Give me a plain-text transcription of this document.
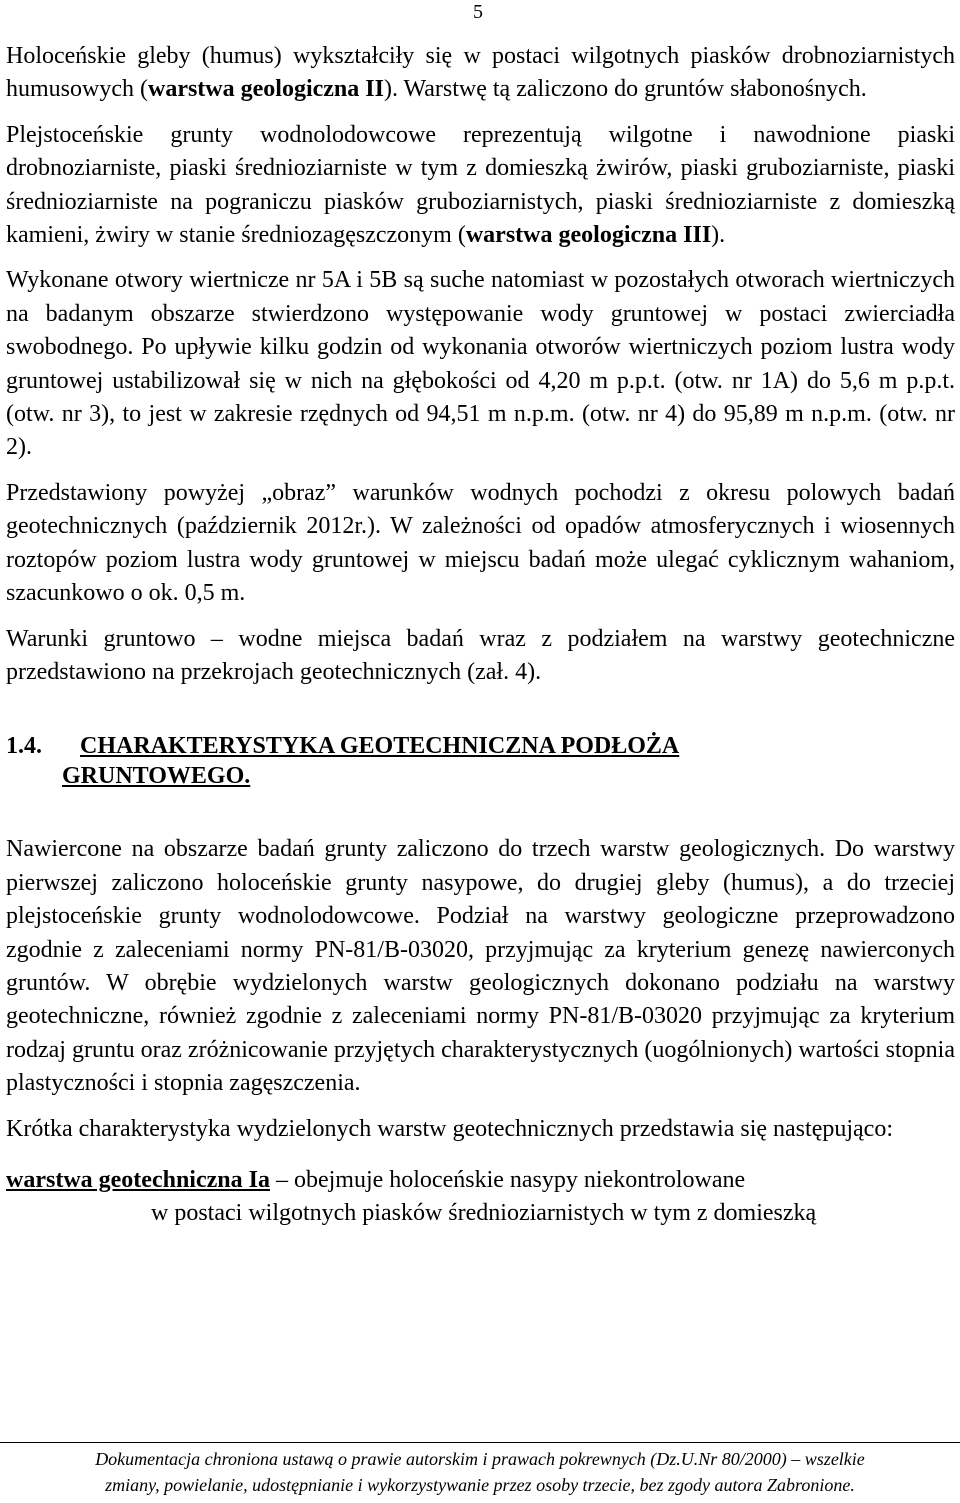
5

Holoceńskie gleby (humus) wykształciły się w postaci wilgotnych piasków drobnoziarnistych humusowych (warstwa geologiczna II). Warstwę tą zaliczono do gruntów słabonośnych.

Plejstoceńskie grunty wodnolodowcowe reprezentują wilgotne i nawodnione piaski drobnoziarniste, piaski średnioziarniste w tym z domieszką żwirów, piaski gruboziarniste, piaski średnioziarniste na pograniczu piasków gruboziarnistych, piaski średnioziarniste z domieszką kamieni, żwiry w stanie średniozagęszczonym (warstwa geologiczna III).

Wykonane otwory wiertnicze nr 5A i 5B są suche natomiast w pozostałych otworach wiertniczych na badanym obszarze stwierdzono występowanie wody gruntowej w postaci zwierciadła swobodnego. Po upływie kilku godzin od wykonania otworów wiertniczych poziom lustra wody gruntowej ustabilizował się w nich na głębokości od 4,20 m p.p.t. (otw. nr 1A) do 5,6 m p.p.t. (otw. nr 3), to jest w zakresie rzędnych od 94,51 m n.p.m. (otw. nr 4) do 95,89 m n.p.m. (otw. nr 2).

Przedstawiony powyżej „obraz” warunków wodnych pochodzi z okresu polowych badań geotechnicznych (październik 2012r.). W zależności od opadów atmosferycznych i wiosennych roztopów poziom lustra wody gruntowej w miejscu badań może ulegać cyklicznym wahaniom, szacunkowo o ok. 0,5 m.

Warunki gruntowo – wodne miejsca badań wraz z podziałem na warstwy geotechniczne przedstawiono na przekrojach geotechnicznych (zał. 4).

1.4.	CHARAKTERYSTYKA GEOTECHNICZNA PODŁOŻA
GRUNTOWEGO.

Nawiercone na obszarze badań grunty zaliczono do trzech warstw geologicznych. Do warstwy pierwszej zaliczono holoceńskie grunty nasypowe, do drugiej gleby (humus), a do trzeciej plejstoceńskie grunty wodnolodowcowe. Podział na warstwy geologiczne przeprowadzono zgodnie z zaleceniami normy PN-81/B-03020, przyjmując za kryterium genezę nawierconych gruntów. W obrębie wydzielonych warstw geologicznych dokonano podziału na warstwy geotechniczne, również zgodnie z zaleceniami normy PN-81/B-03020 przyjmując za kryterium rodzaj gruntu oraz zróżnicowanie przyjętych charakterystycznych (uogólnionych) wartości stopnia plastyczności i stopnia zagęszczenia.

Krótka charakterystyka wydzielonych warstw geotechnicznych przedstawia się następująco:

warstwa geotechniczna Ia – obejmuje holoceńskie nasypy niekontrolowane

w postaci wilgotnych piasków średnioziarnistych w tym z domieszką

Dokumentacja chroniona ustawą o prawie autorskim i prawach pokrewnych (Dz.U.Nr 80/2000) – wszelkie
zmiany, powielanie, udostępnianie i wykorzystywanie przez osoby trzecie, bez zgody autora Zabronione.
